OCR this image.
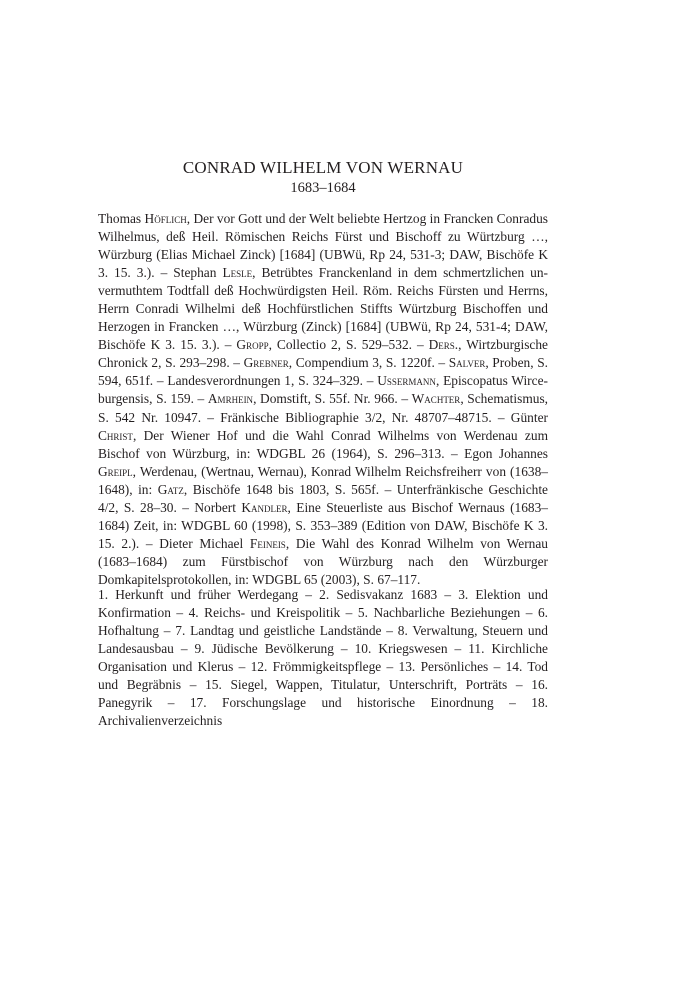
CONRAD WILHELM VON WERNAU
1683–1684

Thomas Höflich, Der vor Gott und der Welt beliebte Hertzog in Francken Conradus Wilhelmus, deß Heil. Römischen Reichs Fürst und Bischoff zu Würtzburg …, Würzburg (Elias Michael Zinck) [1684] (UBWü, Rp 24, 531-3; DAW, Bischöfe K 3. 15. 3.). – Stephan Lesle, Betrübtes Franckenland in dem schmertzlichen unvermuthtem Todtfall deß Hochwürdigsten Heil. Röm. Reichs Fürsten und Herrns, Herrn Conradi Wilhelmi deß Hochfürstlichen Stiffts Würtzburg Bischoffen und Herzogen in Francken …, Würzburg (Zinck) [1684] (UBWü, Rp 24, 531-4; DAW, Bischöfe K 3. 15. 3.). – Gropp, Collectio 2, S. 529–532. – Ders., Wirtzburgische Chronick 2, S. 293–298. – Grebner, Compendium 3, S. 1220f. – Salver, Proben, S. 594, 651f. – Landesverordnungen 1, S. 324–329. – Ussermann, Episcopatus Wirceburgensis, S. 159. – Amrhein, Domstift, S. 55f. Nr. 966. – Wachter, Schematismus, S. 542 Nr. 10947. – Fränkische Bibliographie 3/2, Nr. 48707–48715. – Günter Christ, Der Wiener Hof und die Wahl Conrad Wilhelms von Werdenau zum Bischof von Würzburg, in: WDGBL 26 (1964), S. 296–313. – Egon Johannes Greipl, Werdenau, (Wertnau, Wernau), Konrad Wilhelm Reichsfreiherr von (1638–1648), in: Gatz, Bischöfe 1648 bis 1803, S. 565f. – Unterfränkische Geschichte 4/2, S. 28–30. – Norbert Kandler, Eine Steuerliste aus Bischof Wernaus (1683–1684) Zeit, in: WDGBL 60 (1998), S. 353–389 (Edition von DAW, Bischöfe K 3. 15. 2.). – Dieter Michael Feineis, Die Wahl des Konrad Wilhelm von Wernau (1683–1684) zum Fürstbischof von Würzburg nach den Würzburger Domkapitelsprotokollen, in: WDGBL 65 (2003), S. 67–117.

1. Herkunft und früher Werdegang – 2. Sedisvakanz 1683 – 3. Elektion und Konfirmation – 4. Reichs- und Kreispolitik – 5. Nachbarliche Beziehungen – 6. Hofhaltung – 7. Landtag und geistliche Landstände – 8. Verwaltung, Steuern und Landesausbau – 9. Jüdische Bevölkerung – 10. Kriegswesen – 11. Kirchliche Organisation und Klerus – 12. Frömmigkeitspflege – 13. Persönliches – 14. Tod und Begräbnis – 15. Siegel, Wappen, Titulatur, Unterschrift, Porträts – 16. Panegyrik – 17. Forschungslage und historische Einordnung – 18. Archivalienverzeichnis
